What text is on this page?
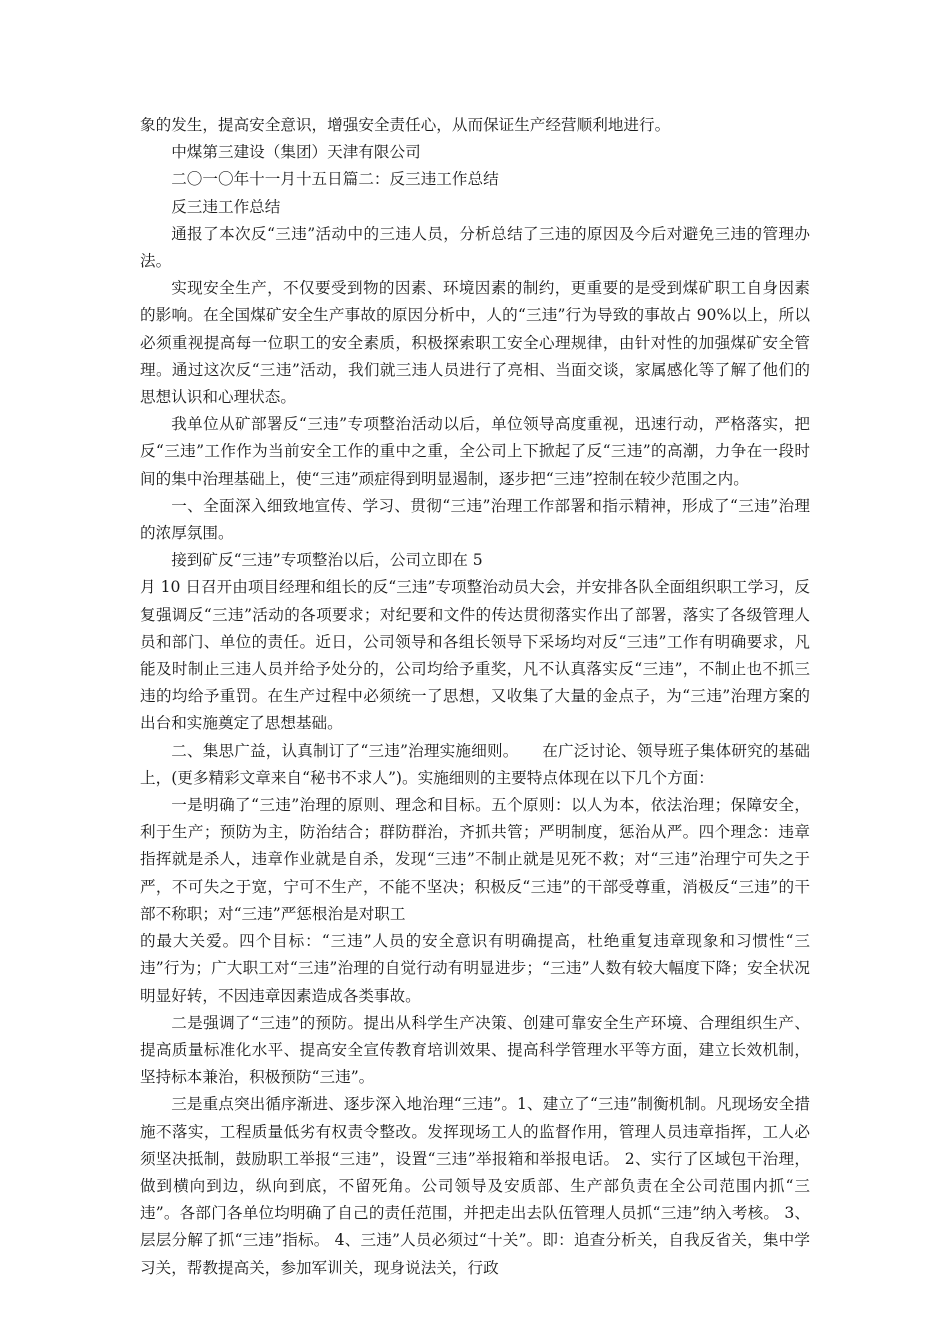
象的发生，提高安全意识，增强安全责任心，从而保证生产经营顺利地进行。

中煤第三建设（集团）天津有限公司

二〇一〇年十一月十五日篇二：反三违工作总结

反三违工作总结

通报了本次反“三违”活动中的三违人员，分析总结了三违的原因及今后对避免三违的管理办法。

实现安全生产，不仅要受到物的因素、环境因素的制约，更重要的是受到煤矿职工自身因素的影响。在全国煤矿安全生产事故的原因分析中，人的“三违”行为导致的事故占 90%以上，所以必须重视提高每一位职工的安全素质，积极探索职工安全心理规律，由针对性的加强煤矿安全管理。通过这次反“三违”活动，我们就三违人员进行了亮相、当面交谈，家属感化等了解了他们的思想认识和心理状态。

我单位从矿部署反“三违”专项整治活动以后，单位领导高度重视，迅速行动，严格落实，把反“三违”工作作为当前安全工作的重中之重，全公司上下掀起了反“三违”的高潮，力争在一段时间的集中治理基础上，使“三违”顽症得到明显遏制，逐步把“三违”控制在较少范围之内。

一、全面深入细致地宣传、学习、贯彻“三违”治理工作部署和指示精神，形成了“三违”治理的浓厚氛围。

接到矿反“三违”专项整治以后，公司立即在 5

月 10 日召开由项目经理和组长的反“三违”专项整治动员大会，并安排各队全面组织职工学习，反复强调反“三违”活动的各项要求；对纪要和文件的传达贯彻落实作出了部署，落实了各级管理人员和部门、单位的责任。近日，公司领导和各组长领导下采场均对反“三违”工作有明确要求，凡能及时制止三违人员并给予处分的，公司均给予重奖，凡不认真落实反“三违”，不制止也不抓三违的均给予重罚。在生产过程中必须统一了思想，又收集了大量的金点子，为“三违”治理方案的出台和实施奠定了思想基础。

二、集思广益，认真制订了“三违”治理实施细则。　　在广泛讨论、领导班子集体研究的基础上，(更多精彩文章来自“秘书不求人”)。实施细则的主要特点体现在以下几个方面：

一是明确了“三违”治理的原则、理念和目标。五个原则：以人为本，依法治理；保障安全，利于生产；预防为主，防治结合；群防群治，齐抓共管；严明制度，惩治从严。四个理念：违章指挥就是杀人，违章作业就是自杀，发现“三违”不制止就是见死不救；对“三违”治理宁可失之于严，不可失之于宽，宁可不生产，不能不坚决；积极反“三违”的干部受尊重，消极反“三违”的干部不称职；对“三违”严惩根治是对职工

的最大关爱。四个目标：“三违”人员的安全意识有明确提高，杜绝重复违章现象和习惯性“三违”行为；广大职工对“三违”治理的自觉行动有明显进步；“三违”人数有较大幅度下降；安全状况明显好转，不因违章因素造成各类事故。

二是强调了“三违”的预防。提出从科学生产决策、创建可靠安全生产环境、合理组织生产、提高质量标准化水平、提高安全宣传教育培训效果、提高科学管理水平等方面，建立长效机制，坚持标本兼治，积极预防“三违”。

三是重点突出循序渐进、逐步深入地治理“三违”。1、建立了“三违”制衡机制。凡现场安全措施不落实，工程质量低劣有权责令整改。发挥现场工人的监督作用，管理人员违章指挥，工人必须坚决抵制，鼓励职工举报“三违”，设置“三违”举报箱和举报电话。 2、实行了区域包干治理，做到横向到边，纵向到底，不留死角。公司领导及安质部、生产部负责在全公司范围内抓“三违”。各部门各单位均明确了自己的责任范围，并把走出去队伍管理人员抓“三违”纳入考核。 3、层层分解了抓“三违”指标。 4、三违”人员必须过“十关”。即：追查分析关，自我反省关，集中学习关，帮教提高关，参加军训关，现身说法关，行政
